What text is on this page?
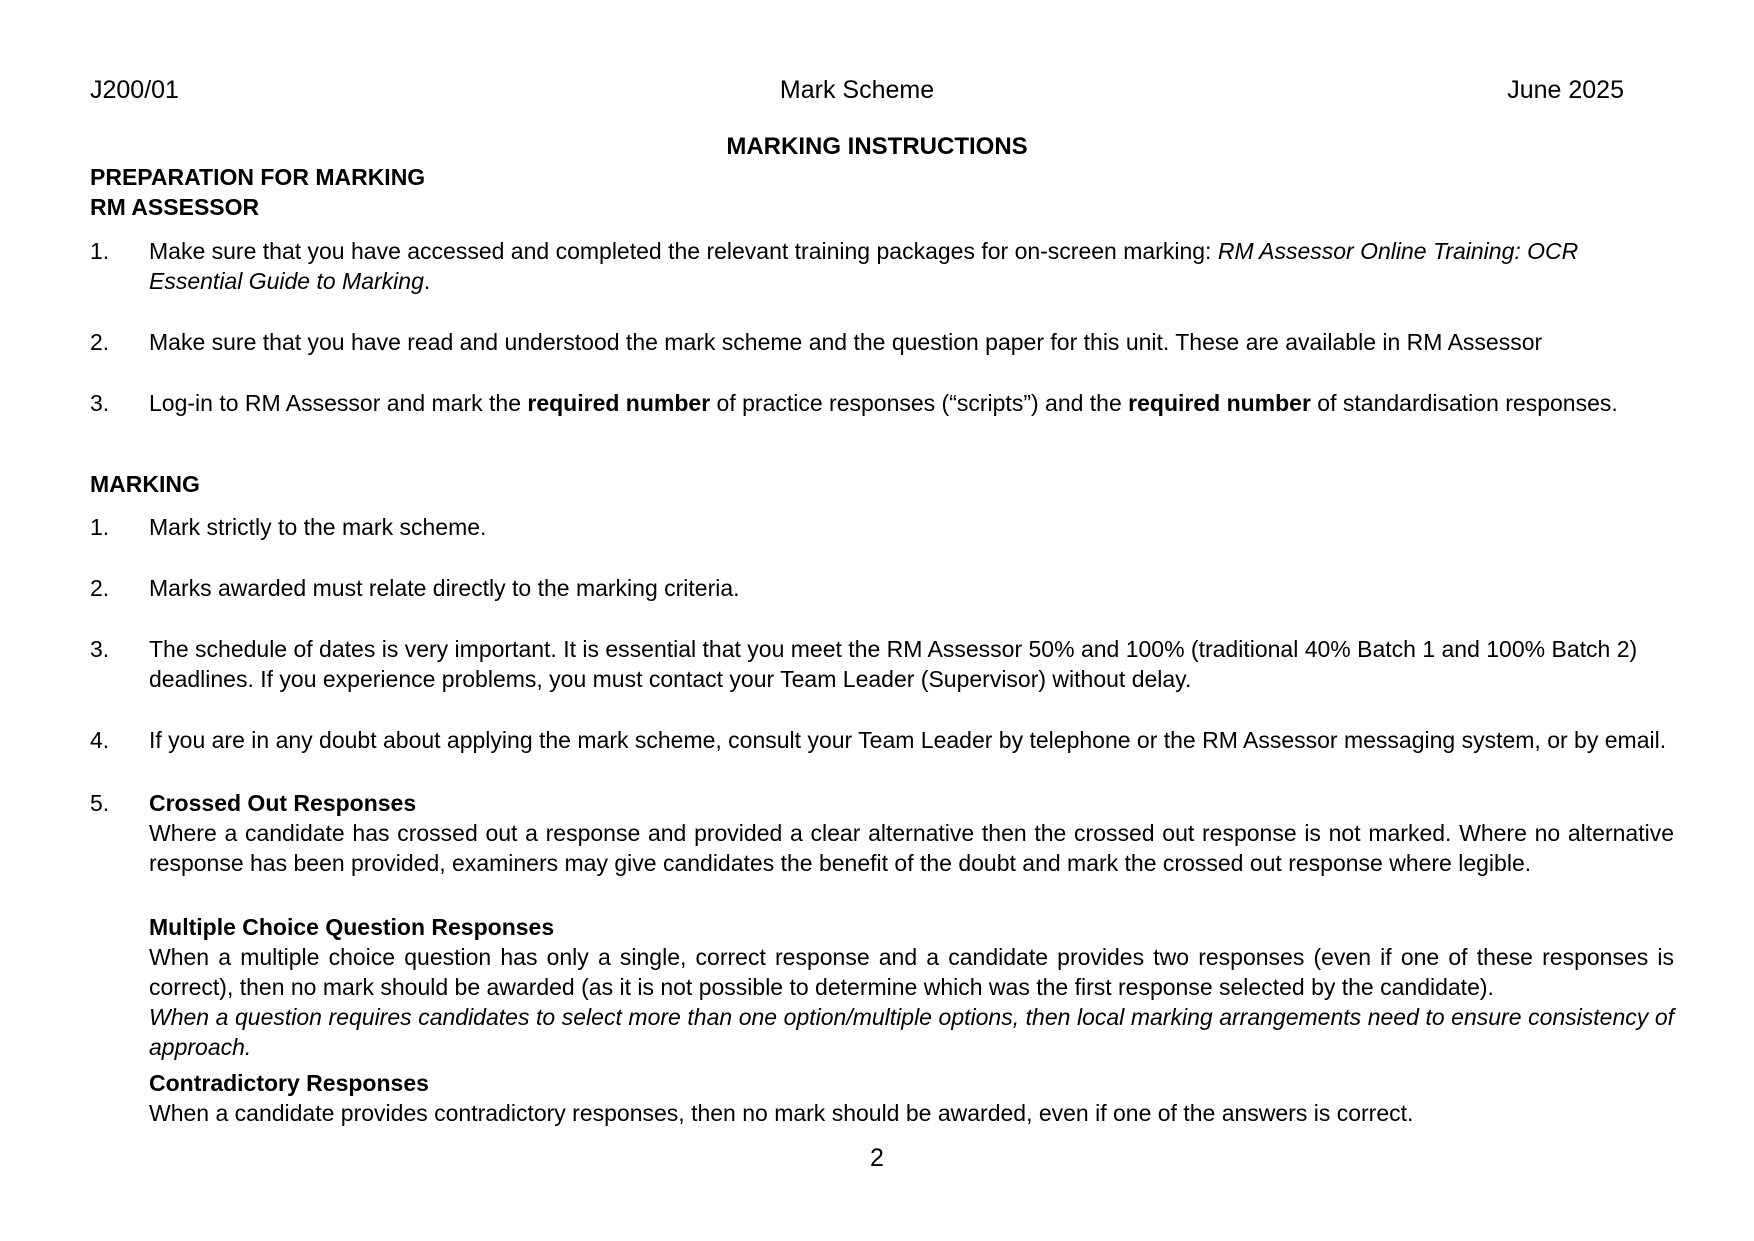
J200/01	Mark Scheme	June 2025
MARKING INSTRUCTIONS
PREPARATION FOR MARKING
RM ASSESSOR
1. Make sure that you have accessed and completed the relevant training packages for on-screen marking: RM Assessor Online Training: OCR Essential Guide to Marking.
2. Make sure that you have read and understood the mark scheme and the question paper for this unit. These are available in RM Assessor
3. Log-in to RM Assessor and mark the required number of practice responses (“scripts”) and the required number of standardisation responses.
MARKING
1. Mark strictly to the mark scheme.
2. Marks awarded must relate directly to the marking criteria.
3. The schedule of dates is very important. It is essential that you meet the RM Assessor 50% and 100% (traditional 40% Batch 1 and 100% Batch 2) deadlines. If you experience problems, you must contact your Team Leader (Supervisor) without delay.
4. If you are in any doubt about applying the mark scheme, consult your Team Leader by telephone or the RM Assessor messaging system, or by email.
5. Crossed Out Responses
Where a candidate has crossed out a response and provided a clear alternative then the crossed out response is not marked. Where no alternative response has been provided, examiners may give candidates the benefit of the doubt and mark the crossed out response where legible.
Multiple Choice Question Responses
When a multiple choice question has only a single, correct response and a candidate provides two responses (even if one of these responses is correct), then no mark should be awarded (as it is not possible to determine which was the first response selected by the candidate).
When a question requires candidates to select more than one option/multiple options, then local marking arrangements need to ensure consistency of approach.
Contradictory Responses
When a candidate provides contradictory responses, then no mark should be awarded, even if one of the answers is correct.
2
